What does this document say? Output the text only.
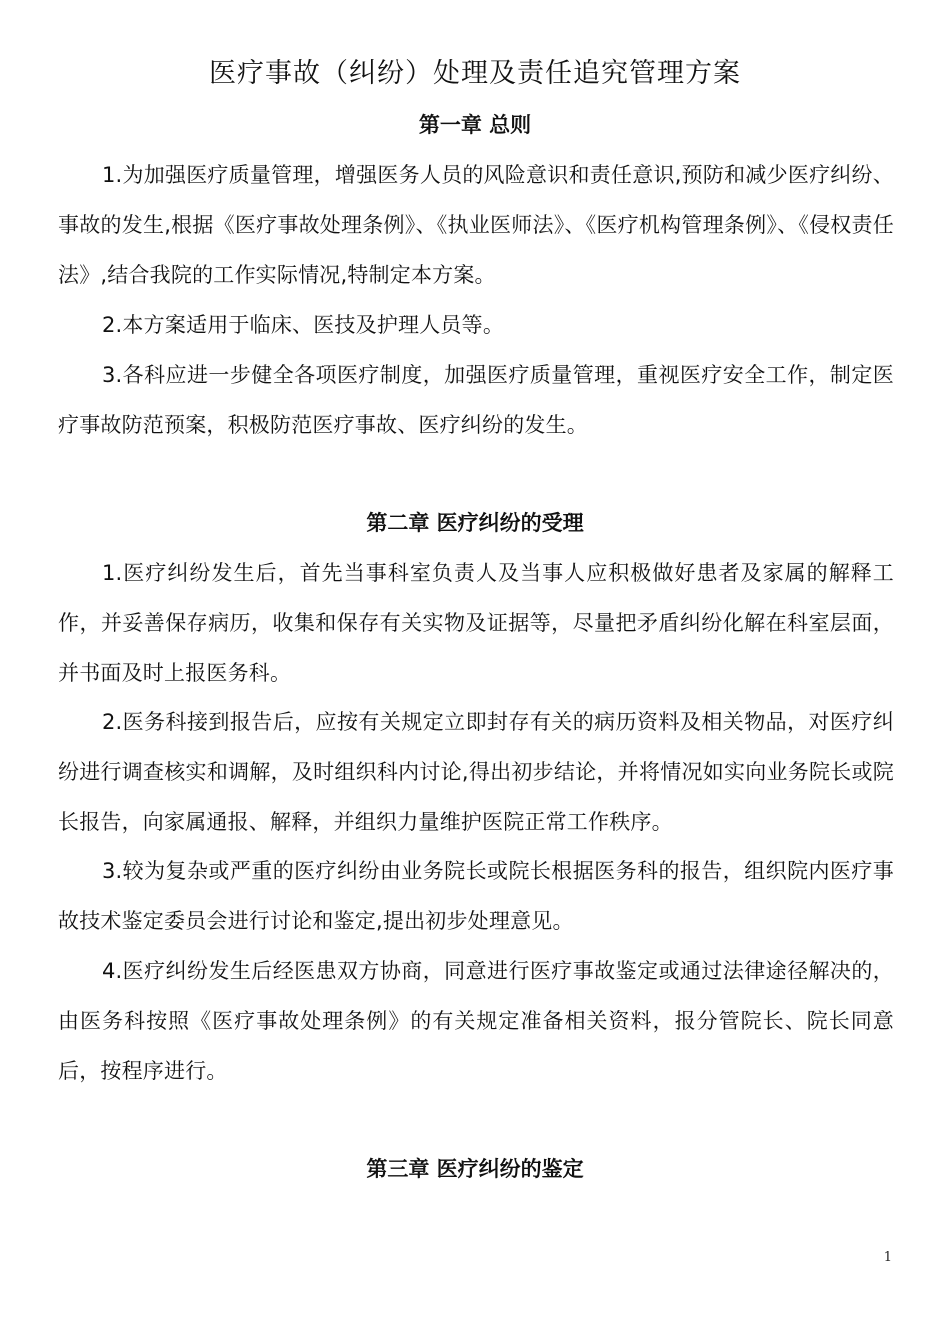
医疗事故（纠纷）处理及责任追究管理方案
第一章 总则

1.为加强医疗质量管理，增强医务人员的风险意识和责任意识,预防和减少医疗纠纷、事故的发生,根据《医疗事故处理条例》、《执业医师法》、《医疗机构管理条例》、《侵权责任法》,结合我院的工作实际情况,特制定本方案。

2.本方案适用于临床、医技及护理人员等。

3.各科应进一步健全各项医疗制度，加强医疗质量管理，重视医疗安全工作，制定医疗事故防范预案，积极防范医疗事故、医疗纠纷的发生。

第二章 医疗纠纷的受理

1.医疗纠纷发生后，首先当事科室负责人及当事人应积极做好患者及家属的解释工作，并妥善保存病历，收集和保存有关实物及证据等，尽量把矛盾纠纷化解在科室层面，并书面及时上报医务科。

2.医务科接到报告后，应按有关规定立即封存有关的病历资料及相关物品，对医疗纠纷进行调查核实和调解，及时组织科内讨论,得出初步结论，并将情况如实向业务院长或院长报告，向家属通报、解释，并组织力量维护医院正常工作秩序。

3.较为复杂或严重的医疗纠纷由业务院长或院长根据医务科的报告，组织院内医疗事故技术鉴定委员会进行讨论和鉴定,提出初步处理意见。

4.医疗纠纷发生后经医患双方协商，同意进行医疗事故鉴定或通过法律途径解决的，由医务科按照《医疗事故处理条例》的有关规定准备相关资料，报分管院长、院长同意后，按程序进行。

第三章 医疗纠纷的鉴定
1
